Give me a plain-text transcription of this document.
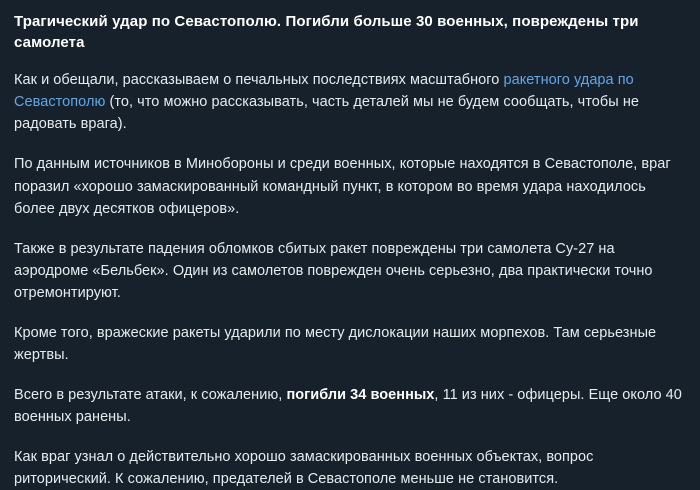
Трагический удар по Севастополю. Погибли больше 30 военных, повреждены три самолета

Как и обещали, рассказываем о печальных последствиях масштабного ракетного удара по Севастополю (то, что можно рассказывать, часть деталей мы не будем сообщать, чтобы не радовать врага).

По данным источников в Минобороны и среди военных, которые находятся в Севастополе, враг поразил «хорошо замаскированный командный пункт, в котором во время удара находилось более двух десятков офицеров».

Также в результате падения обломков сбитых ракет повреждены три самолета Су-27 на аэродроме «Бельбек». Один из самолетов поврежден очень серьезно, два практически точно отремонтируют.

Кроме того, вражеские ракеты ударили по месту дислокации наших морпехов. Там серьезные жертвы.

Всего в результате атаки, к сожалению, погибли 34 военных, 11 из них - офицеры. Еще около 40 военных ранены.

Как враг узнал о действительно хорошо замаскированных военных объектах, вопрос риторический. К сожалению, предателей в Севастополе меньше не становится.
